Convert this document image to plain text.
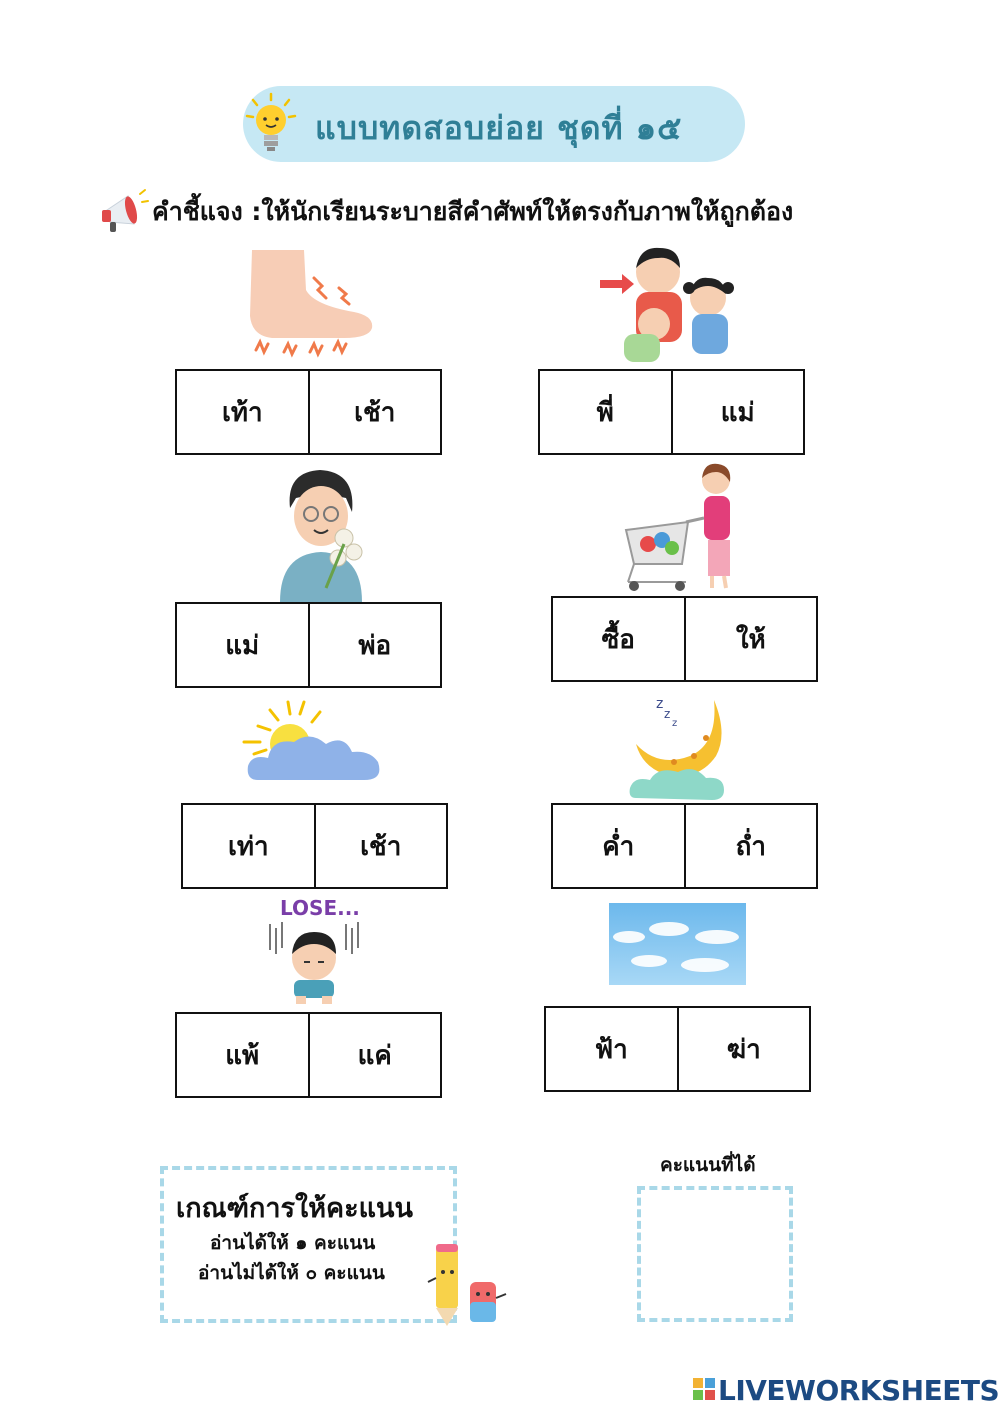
แบบทดสอบย่อย ชุดที่ ๑๕
คำชี้แจง :ให้นักเรียนระบายสีคำศัพท์ให้ตรงกับภาพให้ถูกต้อง
z
z
z
LOSE...
เท้า	เช้า	พี่	แม่
แม่	พ่อ	ซื้อ	ให้
เท่า	เช้า	ค่ำ	ถ่ำ
แพ้	แค่	ฟ้า	ฆ่า
เกณฑ์การให้คะแนน
อ่านได้ให้ ๑ คะแนน
อ่านไม่ได้ให้ ๐ คะแนน
คะแนนที่ได้
LIVEWORKSHEETS
